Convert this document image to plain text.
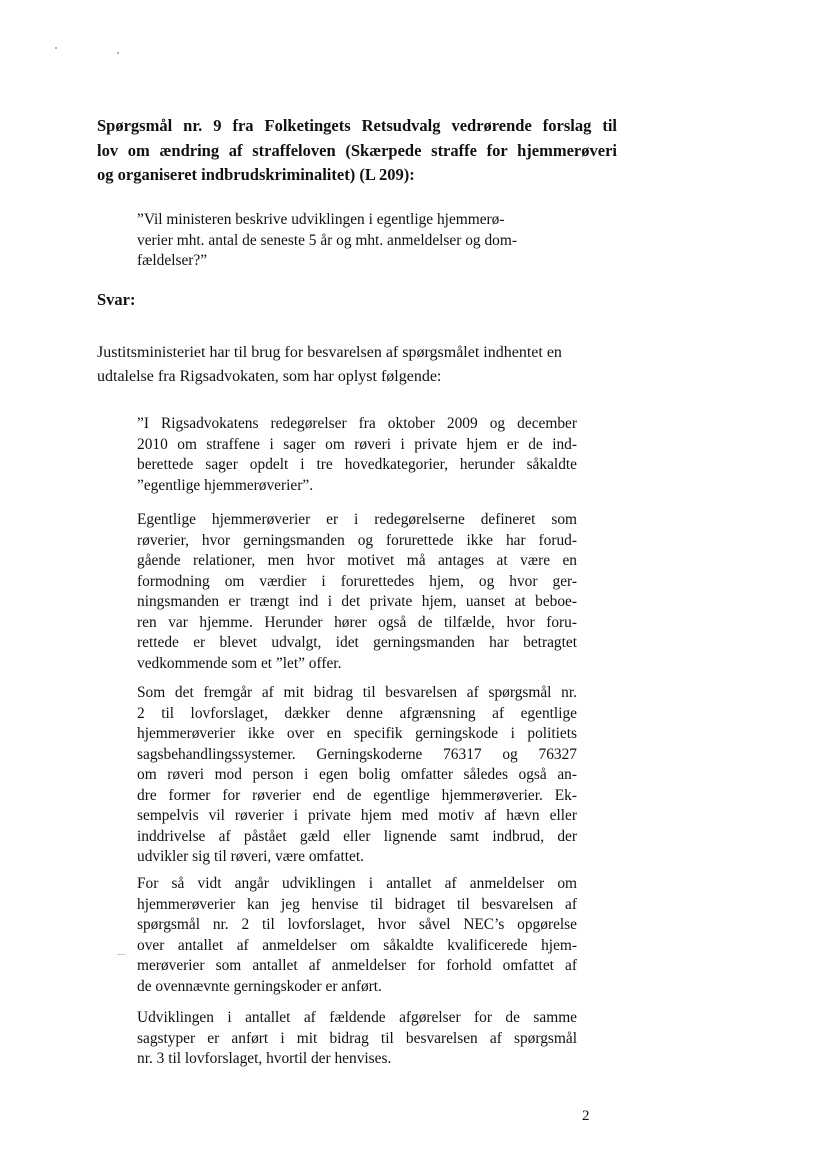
Spørgsmål nr. 9 fra Folketingets Retsudvalg vedrørende forslag til
lov om ændring af straffeloven (Skærpede straffe for hjemmerøveri
og organiseret indbrudskriminalitet) (L 209):
”Vil ministeren beskrive udviklingen i egentlige hjemmerø-
verier mht. antal de seneste 5 år og mht. anmeldelser og dom-
fældelser?”
Svar:

Justitsministeriet har til brug for besvarelsen af spørgsmålet indhentet en
udtalelse fra Rigsadvokaten, som har oplyst følgende:

”I Rigsadvokatens redegørelser fra oktober 2009 og december
2010 om straffene i sager om røveri i private hjem er de ind-
berettede sager opdelt i tre hovedkategorier, herunder såkaldte
”egentlige hjemmerøverier”.
Egentlige hjemmerøverier er i redegørelserne defineret som
røverier, hvor gerningsmanden og forurettede ikke har forud-
gående relationer, men hvor motivet må antages at være en
formodning om værdier i forurettedes hjem, og hvor ger-
ningsmanden er trængt ind i det private hjem, uanset at beboe-
ren var hjemme. Herunder hører også de tilfælde, hvor foru-
rettede er blevet udvalgt, idet gerningsmanden har betragtet
vedkommende som et ”let” offer.
Som det fremgår af mit bidrag til besvarelsen af spørgsmål nr.
2 til lovforslaget, dækker denne afgrænsning af egentlige
hjemmerøverier ikke over en specifik gerningskode i politiets
sagsbehandlingssystemer. Gerningskoderne 76317 og 76327
om røveri mod person i egen bolig omfatter således også an-
dre former for røverier end de egentlige hjemmerøverier. Ek-
sempelvis vil røverier i private hjem med motiv af hævn eller
inddrivelse af påstået gæld eller lignende samt indbrud, der
udvikler sig til røveri, være omfattet.
For så vidt angår udviklingen i antallet af anmeldelser om
hjemmerøverier kan jeg henvise til bidraget til besvarelsen af
spørgsmål nr. 2 til lovforslaget, hvor såvel NEC’s opgørelse
over antallet af anmeldelser om såkaldte kvalificerede hjem-
merøverier som antallet af anmeldelser for forhold omfattet af
de ovennævnte gerningskoder er anført.
Udviklingen i antallet af fældende afgørelser for de samme
sagstyper er anført i mit bidrag til besvarelsen af spørgsmål
nr. 3 til lovforslaget, hvortil der henvises.

2
